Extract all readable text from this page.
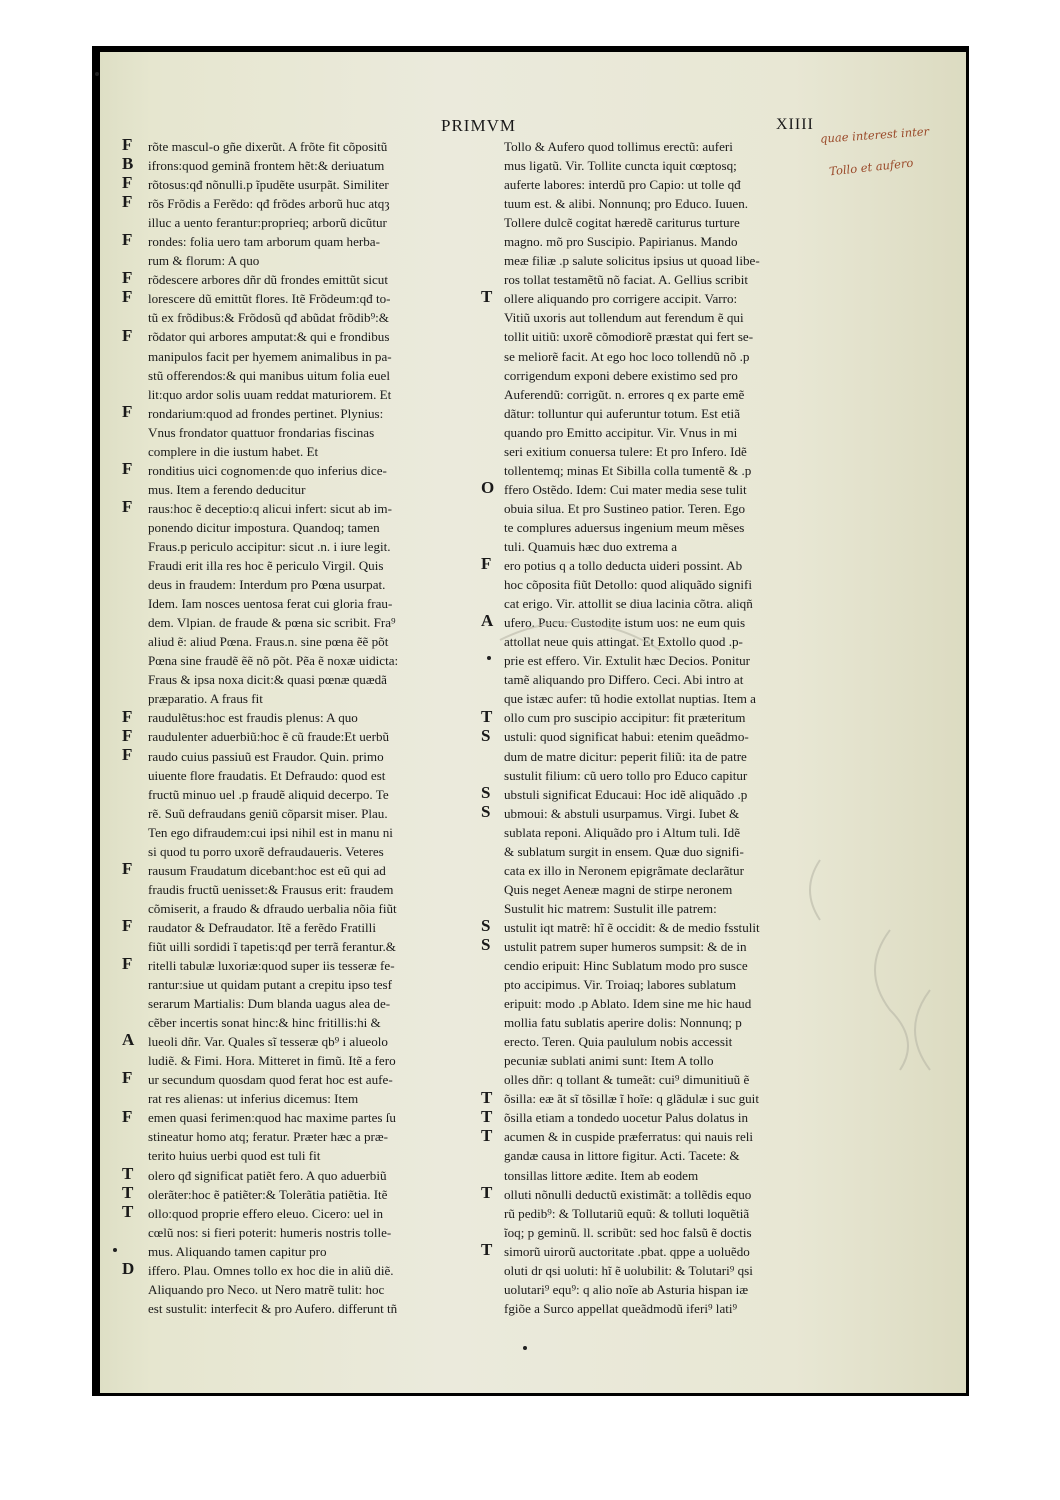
PRIMVM	XIIII quae interest inter
Tollo et aufero
F
B
F
F
F
F
F
F
F
F
F
F
F
F
F
F
F
A
F
F
T
T
T
D
T
O
F
A
T
S
S
S
S
S
T
T
T
T
T
rõte mascul-o gñe dixerũt. A frõte fit cõpositũ
ifrons:quod geminã frontem hẽt:& deriuatum
rõtosus:qđ nõnulli.p ĩpudẽte usurpãt. Similiter
rõs Frõdis a Ferẽdo: qđ frõdes arborũ huc atqȝ
illuc a uento ferantur:proprieq; arborũ dicũtur
rondes: folia uero tam arborum quam herba-
rum & florum: A quo
rõdescere arbores dñr dũ frondes emittũt sicut
lorescere dũ emittũt flores. Itẽ Frõdeum:qđ to-
tũ ex frõdibus:& Frõdosũ qđ abũdat frõdib⁹:&
rõdator qui arbores amputat:& qui e frondibus
manipulos facit per hyemem animalibus in pa-
stũ offerendos:& qui manibus uitum folia euel
lit:quo ardor solis uuam reddat maturiorem. Et
rondarium:quod ad frondes pertinet. Plynius:
Vnus frondator quattuor frondarias fiscinas
complere in die iustum habet. Et
ronditius uici cognomen:de quo inferius dice-
mus. Item a ferendo deducitur
raus:hoc ẽ deceptio:q alicui infert: sicut ab im-
ponendo dicitur impostura. Quandoq; tamen
Fraus.p periculo accipitur: sicut .n. i iure legit.
Fraudi erit illa res hoc ẽ periculo Virgil. Quis
deus in fraudem: Interdum pro Pœna usurpat.
Idem. Iam nosces uentosa ferat cui gloria frau-
dem. Vlpian. de fraude & pœna sic scribit. Fra⁹
aliud ẽ: aliud Pœna. Fraus.n. sine pœna ẽẽ põt
Pœna sine fraudẽ ẽẽ nõ põt. Pẽa ẽ noxæ uidicta:
Fraus & ipsa noxa dicit:& quasi pœnæ quædã
præparatio. A fraus fit
raudulẽtus:hoc est fraudis plenus: A quo
raudulenter aduerbiũ:hoc ẽ cũ fraude:Et uerbũ
raudo cuius passiuũ est Fraudor. Quin. primo
uiuente flore fraudatis. Et Defraudo: quod est
fructũ minuo uel .p fraudẽ aliquid decerpo. Te
rẽ. Suũ defraudans geniũ cõparsit miser. Plau.
Ten ego difraudem:cui ipsi nihil est in manu ni
si quod tu porro uxorẽ defraudaueris. Veteres
rausum Fraudatum dicebant:hoc est eũ qui ad
fraudis fructũ uenisset:& Frausus erit: fraudem
cõmiserit, a fraudo & dfraudo uerbalia nõia fiũt
raudator & Defraudator. Itẽ a ferẽdo Fratilli
fiũt uilli sordidi ĩ tapetis:qđ per terrã ferantur.&
ritelli tabulæ luxoriæ:quod super iis tesseræ fe-
rantur:siue ut quidam putant a crepitu ipso tesf
serarum Martialis: Dum blanda uagus alea de-
cẽber incertis sonat hinc:& hinc fritillis:hi &
lueoli dñr. Var. Quales sĩ tesseræ qb⁹ i alueolo
ludiẽ. & Fimi. Hora. Mitteret in fimũ. Itẽ a fero
ur secundum quosdam quod ferat hoc est aufe-
rat res alienas: ut inferius dicemus: Item
emen quasi ferimen:quod hac maxime partes ſu
stineatur homo atq; feratur. Præter hæc a præ-
terito huius uerbi quod est tuli fit
olero qđ significat patiẽt fero. A quo aduerbiũ
olerãter:hoc ẽ patiẽter:& Tolerãtia patiẽtia. Itẽ
ollo:quod proprie effero eleuo. Cicero: uel in
cœlũ nos: si fieri poterit: humeris nostris tolle-
mus. Aliquando tamen capitur pro
iffero. Plau. Omnes tollo ex hoc die in aliũ diẽ.
Aliquando pro Neco. ut Nero matrẽ tulit: hoc
est sustulit: interfecit & pro Aufero. differunt tñ
Tollo & Aufero quod tollimus erectũ: auferi
mus ligatũ. Vir. Tollite cuncta iquit cœptosq;
auferte labores: interdũ pro Capio: ut tolle qđ
tuum est. & alibi. Nonnunq; pro Educo. Iuuen.
Tollere dulcẽ cogitat hæredẽ cariturus turture
magno. mõ pro Suscipio. Papirianus. Mando
meæ filiæ .p salute solicitus ipsius ut quoad libe-
ros tollat testamẽtũ nõ faciat. A. Gellius scribit
ollere aliquando pro corrigere accipit. Varro:
Vitiũ uxoris aut tollendum aut ferendum ẽ qui
tollit uitiũ: uxorẽ cõmodiorẽ præstat qui fert se-
se meliorẽ facit. At ego hoc loco tollendũ nõ .p
corrigendum exponi debere existimo sed pro
Auferendũ: corrigũt. n. errores q ex parte emẽ
dãtur: tolluntur qui auferuntur totum. Est etiã
quando pro Emitto accipitur. Vir. Vnus in mi
seri exitium conuersa tulere: Et pro Infero. Idẽ
tollentemq; minas Et Sibilla colla tumentẽ & .p
ffero Ostẽdo. Idem: Cui mater media sese tulit
obuia silua. Et pro Sustineo patior. Teren. Ego
te complures aduersus ingenium meum mẽses
tuli. Quamuis hæc duo extrema a
ero potius q a tollo deducta uideri possint. Ab
hoc cõposita fiũt Detollo: quod aliquãdo signifi
cat erigo. Vir. attollit se diua lacinia cõtra. aliqñ
ufero. Pucu. Custodite istum uos: ne eum quis
attollat neue quis attingat. Et Extollo quod .p-
prie est effero. Vir. Extulit hæc Decios. Ponitur
tamẽ aliquando pro Differo. Ceci. Abi intro at
que istæc aufer: tũ hodie extollat nuptias. Item a
ollo cum pro suscipio accipitur: fit præteritum
ustuli: quod significat habui: etenim queãdmo-
dum de matre dicitur: peperit filiũ: ita de patre
sustulit filium: cũ uero tollo pro Educo capitur
ubstuli significat Educaui: Hoc idẽ aliquãdo .p
ubmoui: & abstuli usurpamus. Virgi. Iubet &
sublata reponi. Aliquãdo pro i Altum tuli. Idẽ
& sublatum surgit in ensem. Quæ duo signifi-
cata ex illo in Neronem epigrãmate declarãtur
Quis neget Aeneæ magni de stirpe neronem
Sustulit hic matrem: Sustulit ille patrem:
ustulit iqt matrẽ: hĩ ẽ occidit: & de medio fsstulit
ustulit patrem super humeros sumpsit: & de in
cendio eripuit: Hinc Sublatum modo pro susce
pto accipimus. Vir. Troiaq; labores sublatum
eripuit: modo .p Ablato. Idem sine me hic haud
mollia fatu sublatis aperire dolis: Nonnunq; p
erecto. Teren. Quia paululum nobis accessit
pecuniæ sublati animi sunt: Item A tollo
olles dñr: q tollant & tumeãt: cui⁹ dimunitiuũ ẽ
õsilla: eæ ãt sĩ tõsillæ ĩ hoĩe: q glãdulæ i suc guit
õsilla etiam a tondedo uocetur Palus dolatus in
acumen & in cuspide præferratus: qui nauis reli
gandæ causa in littore figitur. Acti. Tacete: &
tonsillas littore ædite. Item ab eodem
olluti nõnulli deductũ existimãt: a tollẽdis equo
rũ pedib⁹: & Tollutariũ equũ: & tolluti loquẽtiã
ĩoq; p geminũ. ll. scribũt: sed hoc falsũ ẽ doctis
simorũ uirorũ auctoritate .pbat. qppe a uoluẽdo
oluti dr qsi uoluti: hĩ ẽ uolubilit: & Tolutari⁹ qsi
uolutari⁹ equ⁹: q alio noĩe ab Asturia hispan iæ
fgiõe a Surco appellat queãdmodũ iferi⁹ lati⁹
